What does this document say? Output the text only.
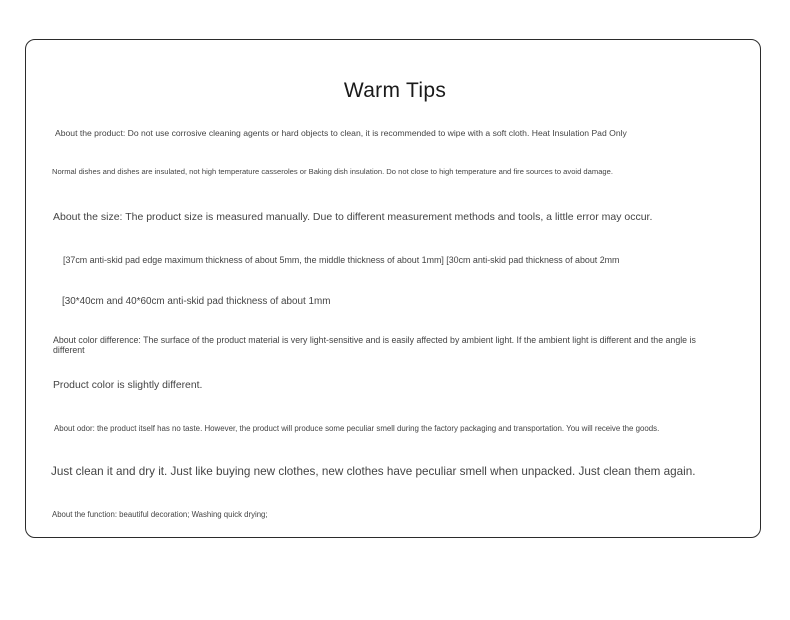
Warm Tips
About the product: Do not use corrosive cleaning agents or hard objects to clean, it is recommended to wipe with a soft cloth. Heat Insulation Pad Only
Normal dishes and dishes are insulated, not high temperature casseroles or Baking dish insulation. Do not close to high temperature and fire sources to avoid damage.
About the size: The product size is measured manually. Due to different measurement methods and tools, a little error may occur.
[37cm anti-skid pad edge maximum thickness of about 5mm, the middle thickness of about 1mm] [30cm anti-skid pad thickness of about 2mm
[30*40cm and 40*60cm anti-skid pad thickness of about 1mm
About color difference: The surface of the product material is very light-sensitive and is easily affected by ambient light. If the ambient light is different and the angle is different
Product color is slightly different.
About odor: the product itself has no taste. However, the product will produce some peculiar smell during the factory packaging and transportation. You will receive the goods.
Just clean it and dry it. Just like buying new clothes, new clothes have peculiar smell when unpacked. Just clean them again.
About the function: beautiful decoration; Washing quick drying;
